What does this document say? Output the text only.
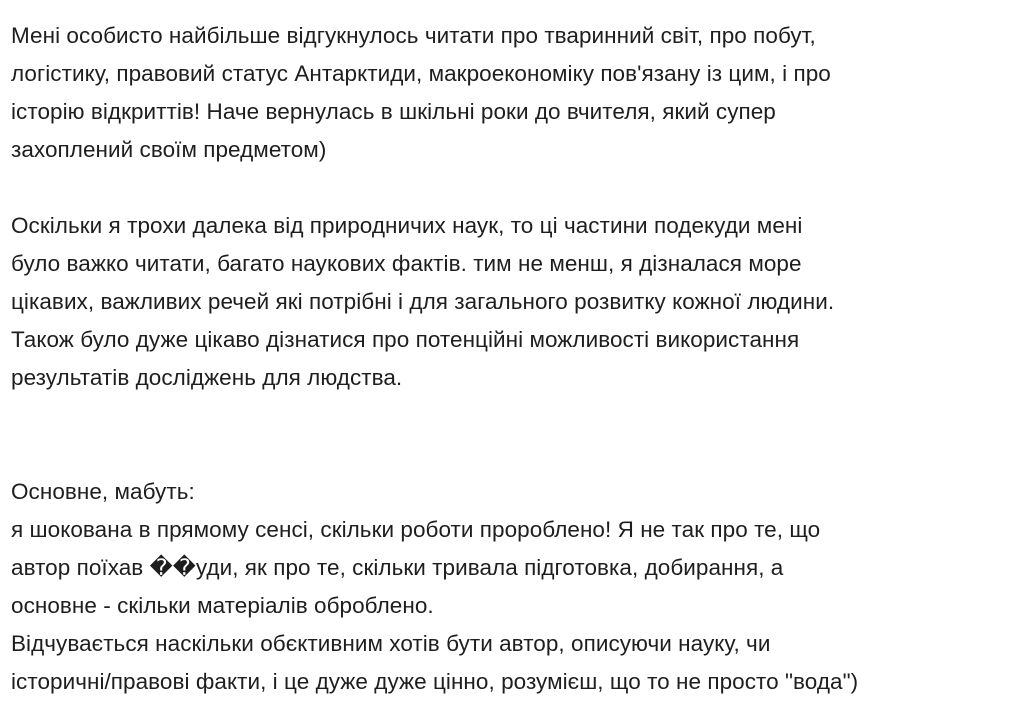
Мені особисто найбільше відгукнулось читати про тваринний світ, про побут,
логістику, правовий статус Антарктиди, макроекономіку пов'язану із цим, і про
історію відкриттів! Наче вернулась в шкільні роки до вчителя, який супер
захоплений своїм предметом)

Оскільки я трохи далека від природничих наук, то ці частини подекуди мені
було важко читати, багато наукових фактів. тим не менш, я дізналася море
цікавих, важливих речей які потрібні і для загального розвитку кожної людини.
Також було дуже цікаво дізнатися про потенційні можливості використання
результатів досліджень для людства.

Основне, мабуть:
я шокована в прямому сенсі, скільки роботи пророблено! Я не так про те, що
автор поїхав ��уди, як про те, скільки тривала підготовка, добирання, а
основне - скільки матеріалів оброблено.
Відчувається наскільки обєктивним хотів бути автор, описуючи науку, чи
історичні/правові факти, і це дуже дуже цінно, розумієш, що то не просто "вода")
